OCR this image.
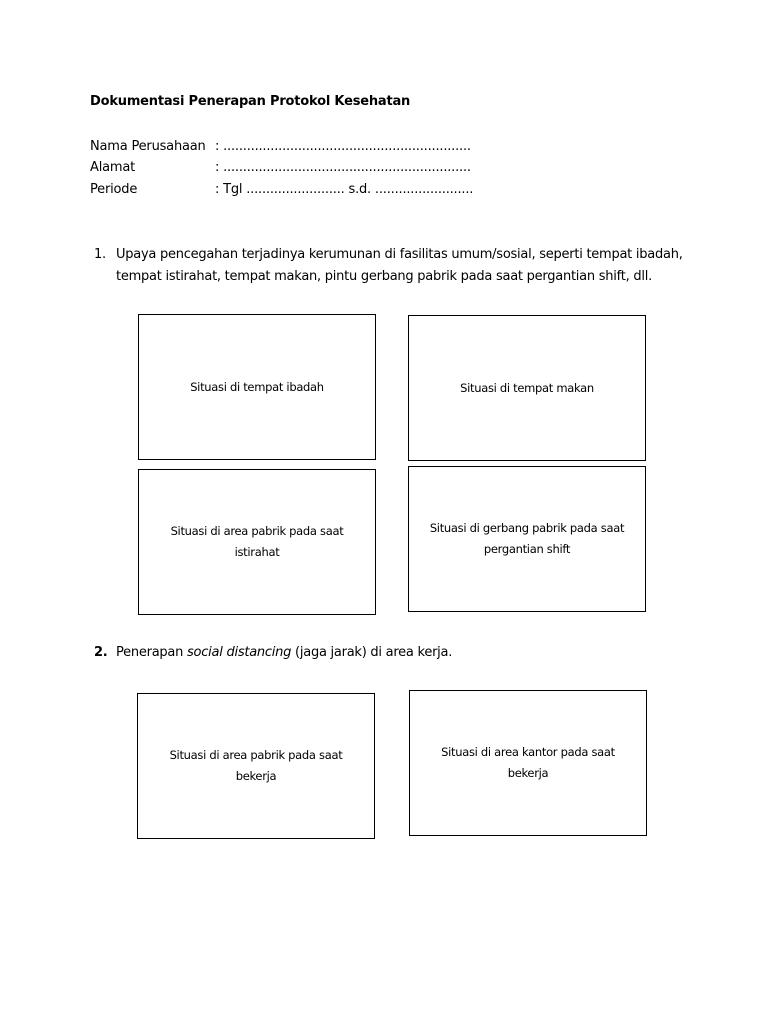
Dokumentasi Penerapan Protokol Kesehatan
Nama Perusahaan : ...............................................................
Alamat	: ...............................................................
Periode	: Tgl ......................... s.d. .........................
1. Upaya pencegahan terjadinya kerumunan di fasilitas umum/sosial, seperti tempat ibadah,
tempat istirahat, tempat makan, pintu gerbang pabrik pada saat pergantian shift, dll.
Situasi di tempat ibadah	Situasi di tempat makan
Situasi di area pabrik pada saat istirahat
Situasi di gerbang pabrik pada saat pergantian shift
2. Penerapan social distancing (jaga jarak) di area kerja.
Situasi di area pabrik pada saat bekerja
Situasi di area kantor pada saat bekerja
